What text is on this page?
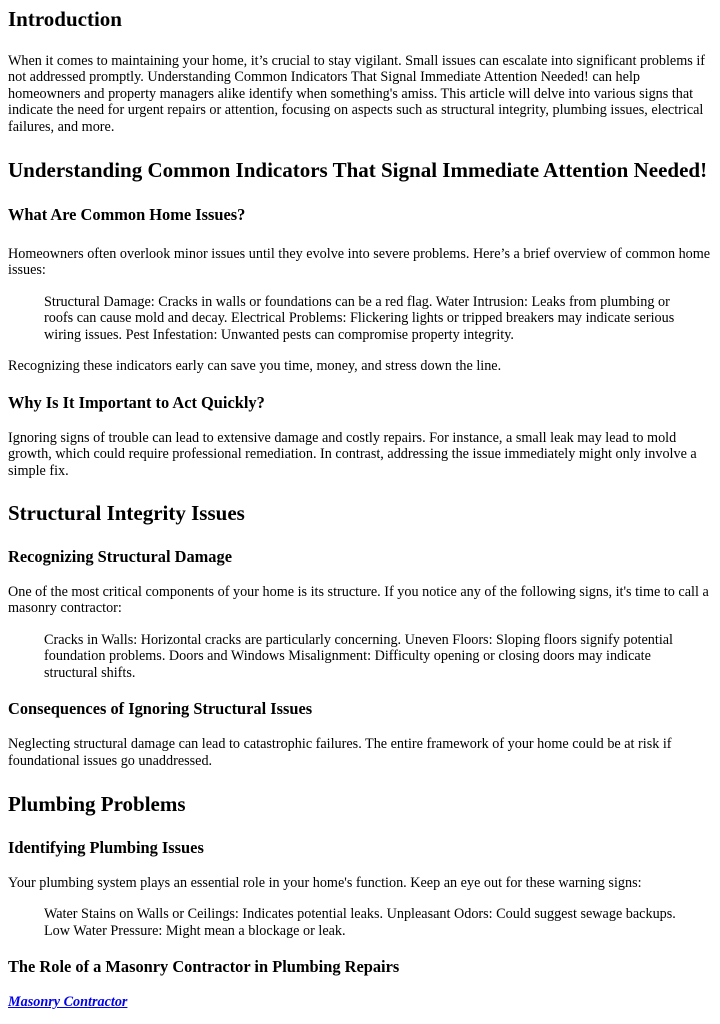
Introduction

When it comes to maintaining your home, it’s crucial to stay vigilant. Small issues can escalate into significant problems if not addressed promptly. Understanding Common Indicators That Signal Immediate Attention Needed! can help homeowners and property managers alike identify when something's amiss. This article will delve into various signs that indicate the need for urgent repairs or attention, focusing on aspects such as structural integrity, plumbing issues, electrical failures, and more.

Understanding Common Indicators That Signal Immediate Attention Needed!
What Are Common Home Issues?

Homeowners often overlook minor issues until they evolve into severe problems. Here’s a brief overview of common home issues:

Structural Damage: Cracks in walls or foundations can be a red flag. Water Intrusion: Leaks from plumbing or roofs can cause mold and decay. Electrical Problems: Flickering lights or tripped breakers may indicate serious wiring issues. Pest Infestation: Unwanted pests can compromise property integrity.

Recognizing these indicators early can save you time, money, and stress down the line.

Why Is It Important to Act Quickly?

Ignoring signs of trouble can lead to extensive damage and costly repairs. For instance, a small leak may lead to mold growth, which could require professional remediation. In contrast, addressing the issue immediately might only involve a simple fix.

Structural Integrity Issues
Recognizing Structural Damage

One of the most critical components of your home is its structure. If you notice any of the following signs, it's time to call a masonry contractor:

Cracks in Walls: Horizontal cracks are particularly concerning. Uneven Floors: Sloping floors signify potential foundation problems. Doors and Windows Misalignment: Difficulty opening or closing doors may indicate structural shifts.
Consequences of Ignoring Structural Issues

Neglecting structural damage can lead to catastrophic failures. The entire framework of your home could be at risk if foundational issues go unaddressed.

Plumbing Problems
Identifying Plumbing Issues

Your plumbing system plays an essential role in your home's function. Keep an eye out for these warning signs:

Water Stains on Walls or Ceilings: Indicates potential leaks. Unpleasant Odors: Could suggest sewage backups. Low Water Pressure: Might mean a blockage or leak.
The Role of a Masonry Contractor in Plumbing Repairs

Masonry Contractor
